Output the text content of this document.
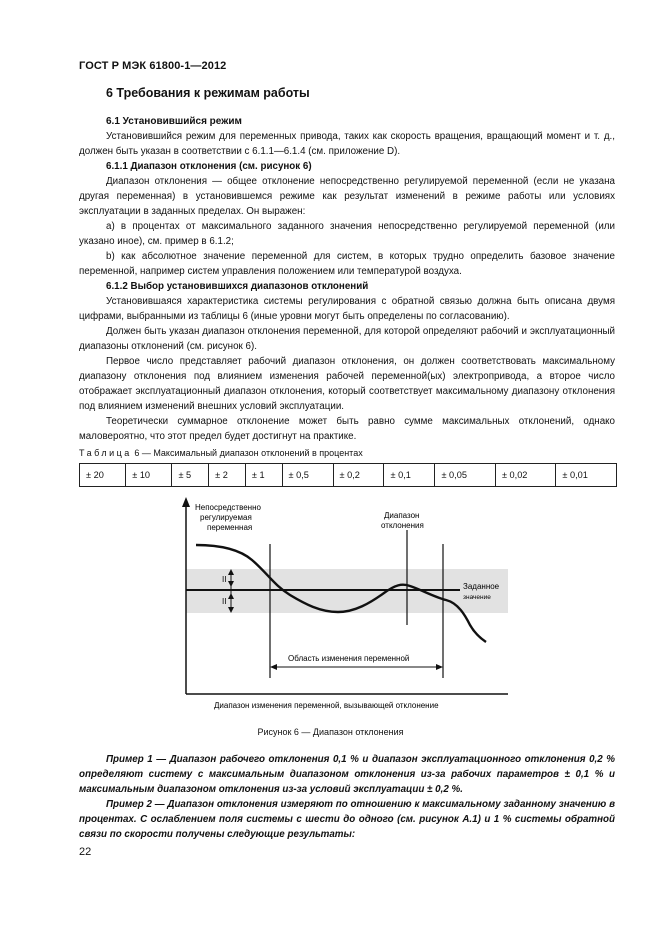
ГОСТ Р МЭК 61800-1—2012
6 Требования к режимам работы
6.1 Установившийся режим

Установившийся режим для переменных привода, таких как скорость вращения, вращающий момент и т. д., должен быть указан в соответствии с 6.1.1—6.1.4 (см. приложение D).

6.1.1 Диапазон отклонения (см. рисунок 6)

Диапазон отклонения — общее отклонение непосредственно регулируемой переменной (если не указана другая переменная) в установившемся режиме как результат изменений в режиме работы или условиях эксплуатации в заданных пределах. Он выражен:

а) в процентах от максимального заданного значения непосредственно регулируемой переменной (или указано иное), см. пример в 6.1.2;

b) как абсолютное значение переменной для систем, в которых трудно определить базовое значение переменной, например систем управления положением или температурой воздуха.

6.1.2 Выбор установившихся диапазонов отклонений

Установившаяся характеристика системы регулирования с обратной связью должна быть описана двумя цифрами, выбранными из таблицы 6 (иные уровни могут быть определены по согласованию).

Должен быть указан диапазон отклонения переменной, для которой определяют рабочий и эксплуатационный диапазоны отклонений (см. рисунок 6).

Первое число представляет рабочий диапазон отклонения, он должен соответствовать максимальному диапазону отклонения под влиянием изменения рабочей переменной(ых) электропривода, а второе число отображает эксплуатационный диапазон отклонения, который соответствует максимальному диапазону отклонения под влиянием изменений внешних условий эксплуатации.

Теоретически суммарное отклонение может быть равно сумме максимальных отклонений, однако маловероятно, что этот предел будет достигнут на практике.

Таблица 6 — Максимальный диапазон отклонений в процентах
± 20	± 10	± 5	± 2	± 1	± 0,5	± 0,2	± 0,1	± 0,05	± 0,02	± 0,01
II
II
Непосредственно
регулируемая
переменная
Диапазон
отклонения
Заданное
значение
Область изменения переменной
Диапазон изменения переменной, вызывающей отклонение
Рисунок 6 — Диапазон отклонения

Пример 1 — Диапазон рабочего отклонения 0,1 % и диапазон эксплуатационного отклонения 0,2 % определяют систему с максимальным диапазоном отклонения из-за рабочих параметров ± 0,1 % и максимальным диапазоном отклонения из-за условий эксплуатации ± 0,2 %.

Пример 2 — Диапазон отклонения измеряют по отношению к максимальному заданному значению в процентах. С ослаблением поля системы с шести до одного (см. рисунок А.1) и 1 % системы обратной связи по скорости получены следующие результаты:

22
